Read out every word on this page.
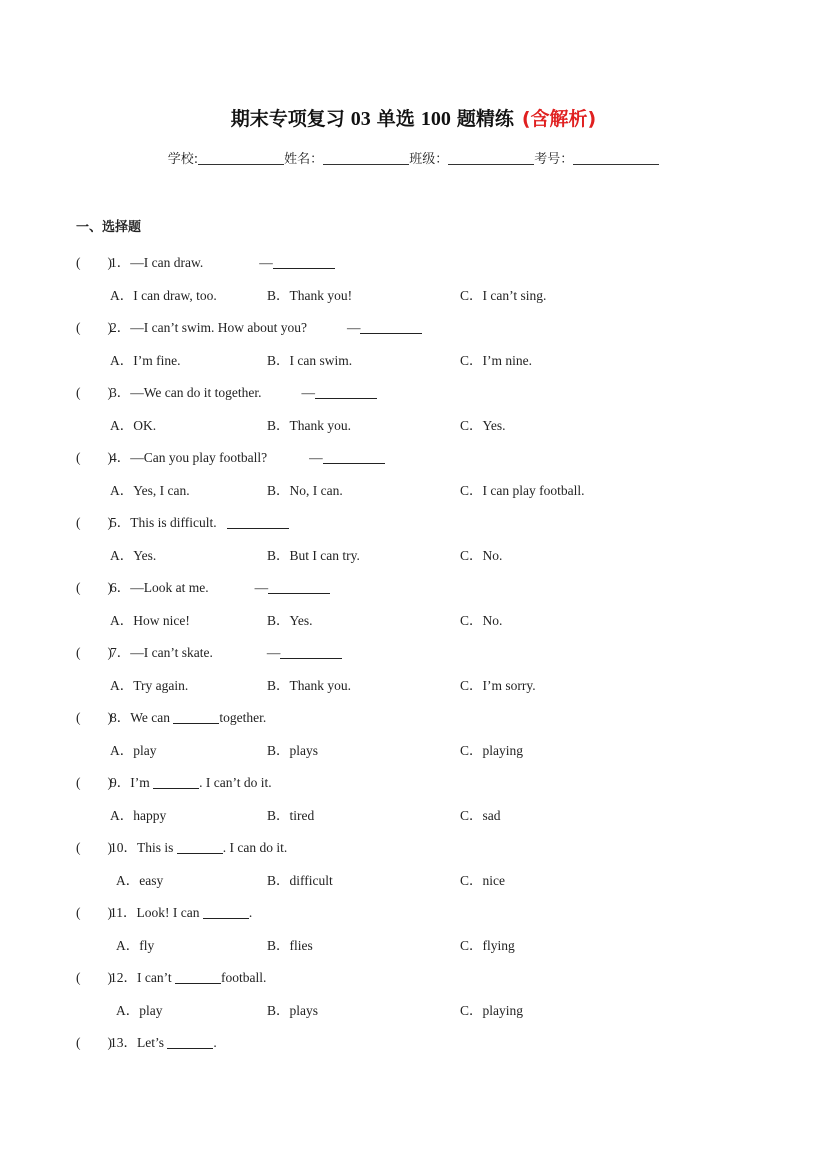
期末专项复习 03 单选 100 题精练 (含解析)
学校:	姓名：	班级：	考号：
一、选择题
(　　)1．—I can draw.	—
A．I can draw, too.	B．Thank you!	C．I can’t sing.
(　　)2．—I can’t swim. How about you?	—
A．I’m fine.	B．I can swim.	C．I’m nine.
(　　)3．—We can do it together.	—
A．OK.	B．Thank you.	C．Yes.
(　　)4．—Can you play football?	—
A．Yes, I can.	B．No, I can.	C．I can play football.
(　　)5．This is difficult.
A．Yes.	B．But I can try.	C．No.
(　　)6．—Look at me.	—
A．How nice!	B．Yes.	C．No.
(　　)7．—I can’t skate.	—
A．Try again.	B．Thank you.	C．I’m sorry.
(　　)8．We can	together.
A．play	B．plays	C．playing
(　　)9．I’m	. I can’t do it.
A．happy	B．tired	C．sad
(　　)10．This is	. I can do it.
A．easy	B．difficult	C．nice
(　　)11．Look! I can	.
A．fly	B．flies	C．flying
(　　)12．I can’t	football.
A．play	B．plays	C．playing
(　　)13．Let’s	.
